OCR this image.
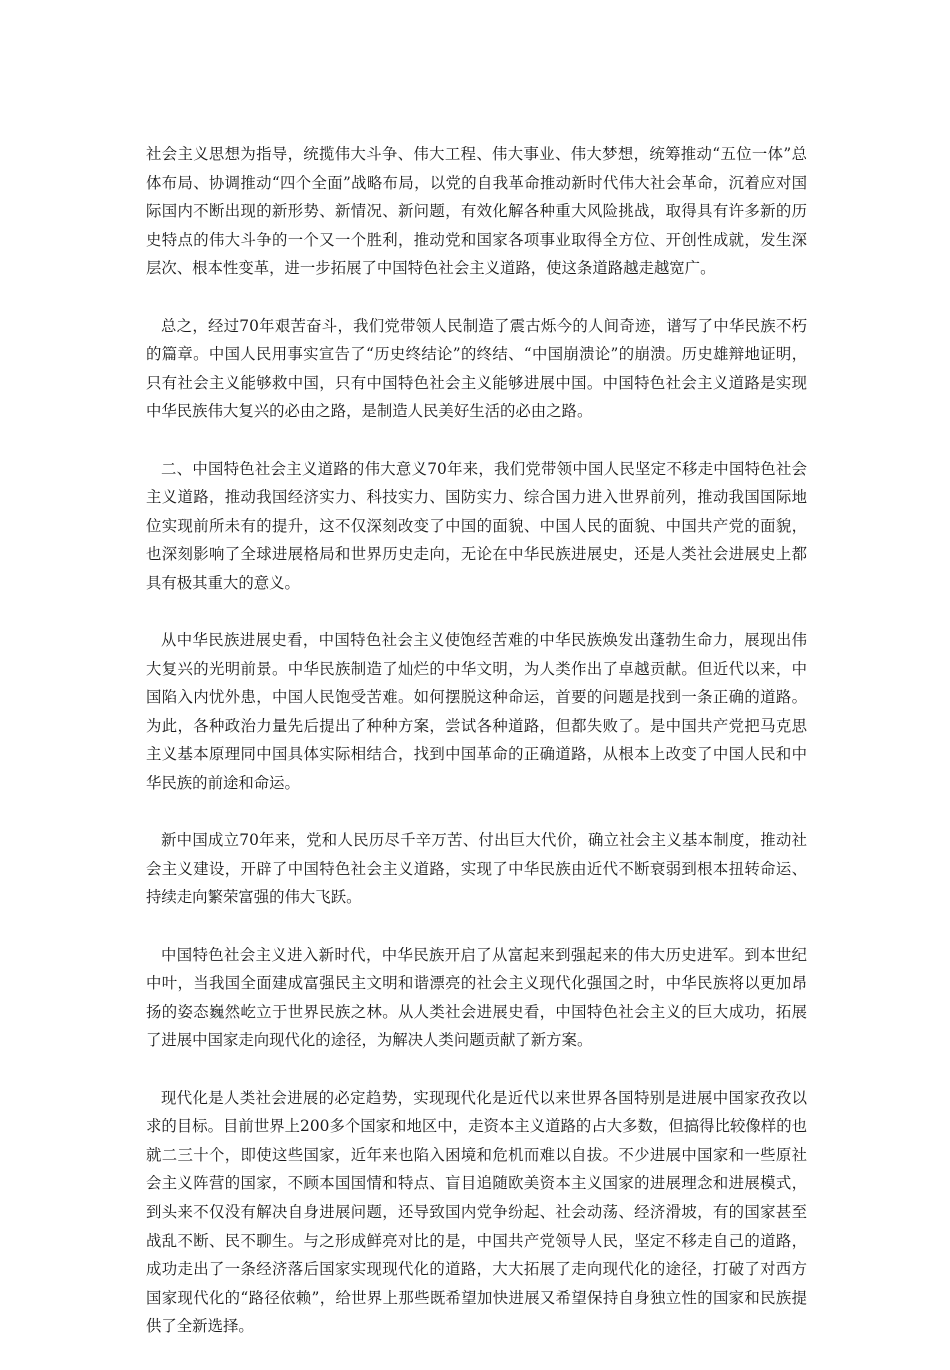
社会主义思想为指导，统揽伟大斗争、伟大工程、伟大事业、伟大梦想，统筹推动“五位一体”总体布局、协调推动“四个全面”战略布局，以党的自我革命推动新时代伟大社会革命，沉着应对国际国内不断出现的新形势、新情况、新问题，有效化解各种重大风险挑战，取得具有许多新的历史特点的伟大斗争的一个又一个胜利，推动党和国家各项事业取得全方位、开创性成就，发生深层次、根本性变革，进一步拓展了中国特色社会主义道路，使这条道路越走越宽广。

总之，经过70年艰苦奋斗，我们党带领人民制造了震古烁今的人间奇迹，谱写了中华民族不朽的篇章。中国人民用事实宣告了“历史终结论”的终结、“中国崩溃论”的崩溃。历史雄辩地证明，只有社会主义能够救中国，只有中国特色社会主义能够进展中国。中国特色社会主义道路是实现中华民族伟大复兴的必由之路，是制造人民美好生活的必由之路。

二、中国特色社会主义道路的伟大意义70年来，我们党带领中国人民坚定不移走中国特色社会主义道路，推动我国经济实力、科技实力、国防实力、综合国力进入世界前列，推动我国国际地位实现前所未有的提升，这不仅深刻改变了中国的面貌、中国人民的面貌、中国共产党的面貌，也深刻影响了全球进展格局和世界历史走向，无论在中华民族进展史，还是人类社会进展史上都具有极其重大的意义。

从中华民族进展史看，中国特色社会主义使饱经苦难的中华民族焕发出蓬勃生命力，展现出伟大复兴的光明前景。中华民族制造了灿烂的中华文明，为人类作出了卓越贡献。但近代以来，中国陷入内忧外患，中国人民饱受苦难。如何摆脱这种命运，首要的问题是找到一条正确的道路。为此，各种政治力量先后提出了种种方案，尝试各种道路，但都失败了。是中国共产党把马克思主义基本原理同中国具体实际相结合，找到中国革命的正确道路，从根本上改变了中国人民和中华民族的前途和命运。

新中国成立70年来，党和人民历尽千辛万苦、付出巨大代价，确立社会主义基本制度，推动社会主义建设，开辟了中国特色社会主义道路，实现了中华民族由近代不断衰弱到根本扭转命运、持续走向繁荣富强的伟大飞跃。

中国特色社会主义进入新时代，中华民族开启了从富起来到强起来的伟大历史进军。到本世纪中叶，当我国全面建成富强民主文明和谐漂亮的社会主义现代化强国之时，中华民族将以更加昂扬的姿态巍然屹立于世界民族之林。从人类社会进展史看，中国特色社会主义的巨大成功，拓展了进展中国家走向现代化的途径，为解决人类问题贡献了新方案。

现代化是人类社会进展的必定趋势，实现现代化是近代以来世界各国特别是进展中国家孜孜以求的目标。目前世界上200多个国家和地区中，走资本主义道路的占大多数，但搞得比较像样的也就二三十个，即使这些国家，近年来也陷入困境和危机而难以自拔。不少进展中国家和一些原社会主义阵营的国家，不顾本国国情和特点、盲目追随欧美资本主义国家的进展理念和进展模式，到头来不仅没有解决自身进展问题，还导致国内党争纷起、社会动荡、经济滑坡，有的国家甚至战乱不断、民不聊生。与之形成鲜亮对比的是，中国共产党领导人民，坚定不移走自己的道路，成功走出了一条经济落后国家实现现代化的道路，大大拓展了走向现代化的途径，打破了对西方国家现代化的“路径依赖”，给世界上那些既希望加快进展又希望保持自身独立性的国家和民族提供了全新选择。
